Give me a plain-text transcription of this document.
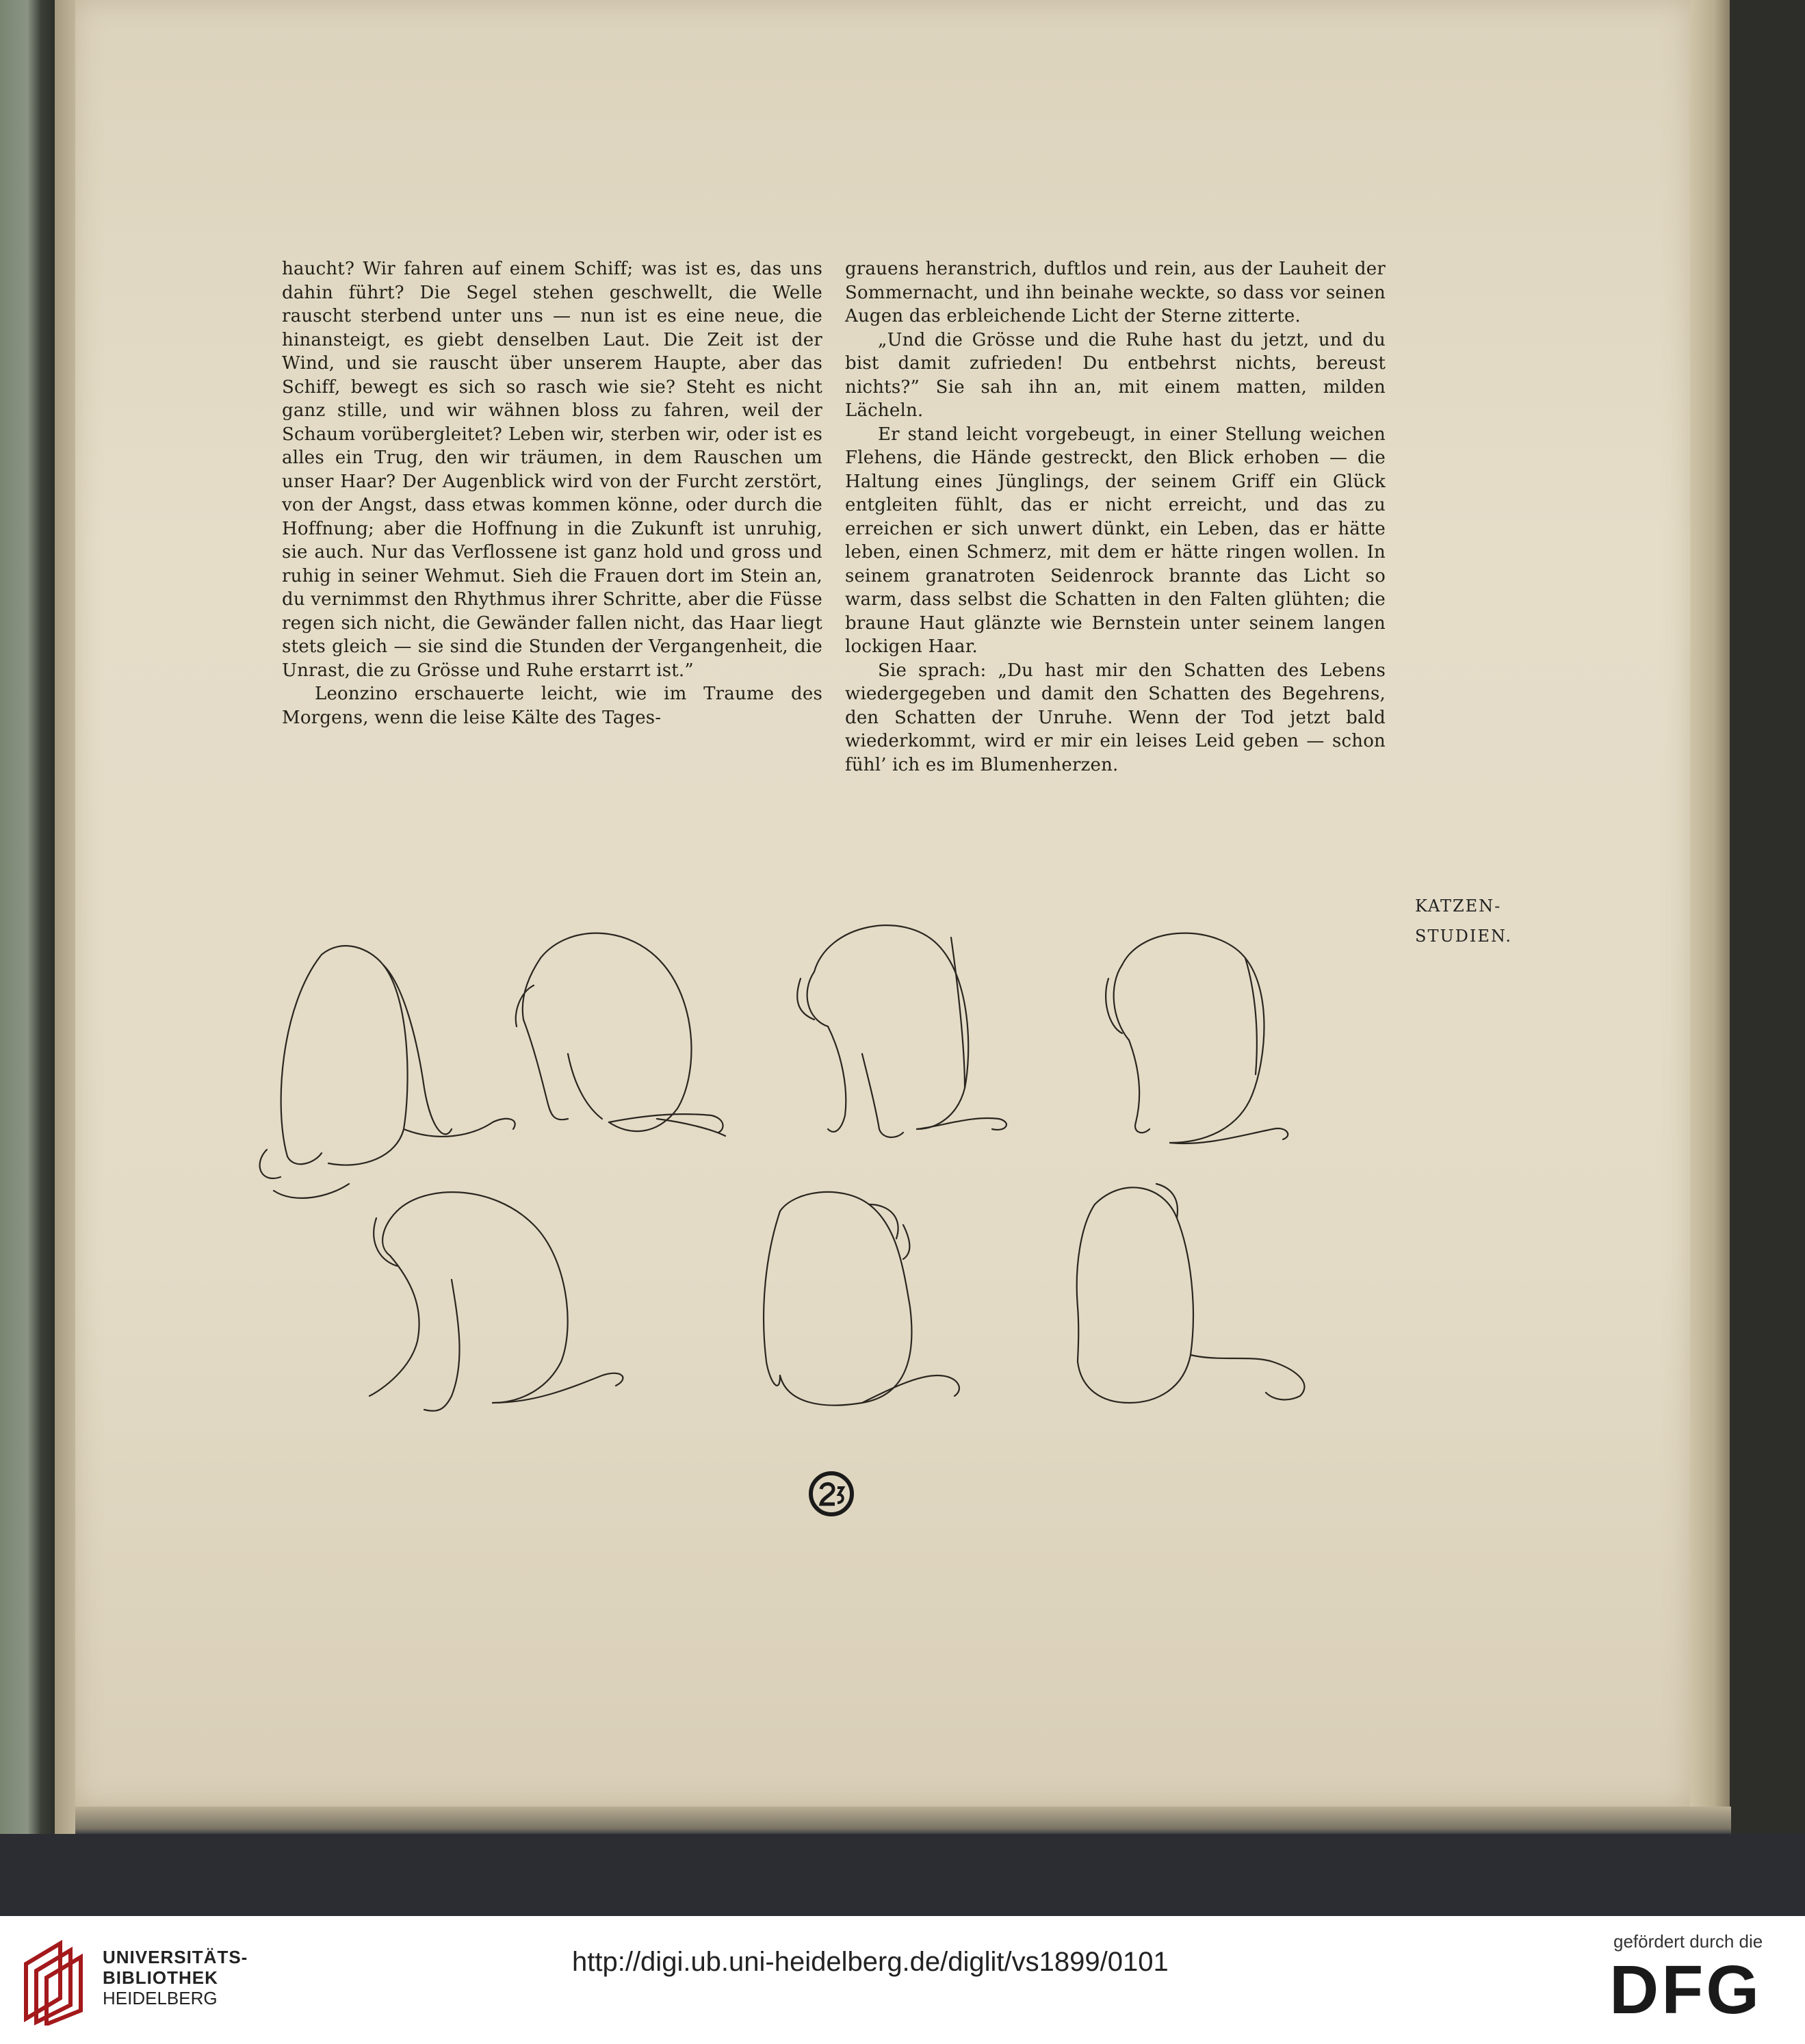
haucht? Wir fahren auf einem Schiff; was ist es, das uns dahin führt? Die Segel stehen geschwellt, die Welle rauscht sterbend unter uns — nun ist es eine neue, die hinansteigt, es giebt denselben Laut. Die Zeit ist der Wind, und sie rauscht über unserem Haupte, aber das Schiff, bewegt es sich so rasch wie sie? Steht es nicht ganz stille, und wir wähnen bloss zu fahren, weil der Schaum vorübergleitet? Leben wir, sterben wir, oder ist es alles ein Trug, den wir träumen, in dem Rauschen um unser Haar? Der Augenblick wird von der Furcht zerstört, von der Angst, dass etwas kommen könne, oder durch die Hoffnung; aber die Hoffnung in die Zukunft ist unruhig, sie auch. Nur das Verflossene ist ganz hold und gross und ruhig in seiner Wehmut. Sieh die Frauen dort im Stein an, du vernimmst den Rhythmus ihrer Schritte, aber die Füsse regen sich nicht, die Gewänder fallen nicht, das Haar liegt stets gleich — sie sind die Stunden der Vergangenheit, die Unrast, die zu Grösse und Ruhe erstarrt ist.”

Leonzino erschauerte leicht, wie im Traume des Morgens, wenn die leise Kälte des Tages-

grauens heranstrich, duftlos und rein, aus der Lauheit der Sommernacht, und ihn beinahe weckte, so dass vor seinen Augen das erbleichende Licht der Sterne zitterte.

„Und die Grösse und die Ruhe hast du jetzt, und du bist damit zufrieden! Du entbehrst nichts, bereust nichts?” Sie sah ihn an, mit einem matten, milden Lächeln.

Er stand leicht vorgebeugt, in einer Stellung weichen Flehens, die Hände gestreckt, den Blick erhoben — die Haltung eines Jünglings, der seinem Griff ein Glück entgleiten fühlt, das er nicht erreicht, und das zu erreichen er sich unwert dünkt, ein Leben, das er hätte leben, einen Schmerz, mit dem er hätte ringen wollen. In seinem granatroten Seidenrock brannte das Licht so warm, dass selbst die Schatten in den Falten glühten; die braune Haut glänzte wie Bernstein unter seinem langen lockigen Haar.

Sie sprach: „Du hast mir den Schatten des Lebens wiedergegeben und damit den Schatten des Begehrens, den Schatten der Unruhe. Wenn der Tod jetzt bald wiederkommt, wird er mir ein leises Leid geben — schon fühl’ ich es im Blumenherzen.

KATZEN-
STUDIEN.
UNIVERSITÄTS-
BIBLIOTHEK
HEIDELBERG
http://digi.ub.uni-heidelberg.de/diglit/vs1899/0101
gefördert durch die
DFG
